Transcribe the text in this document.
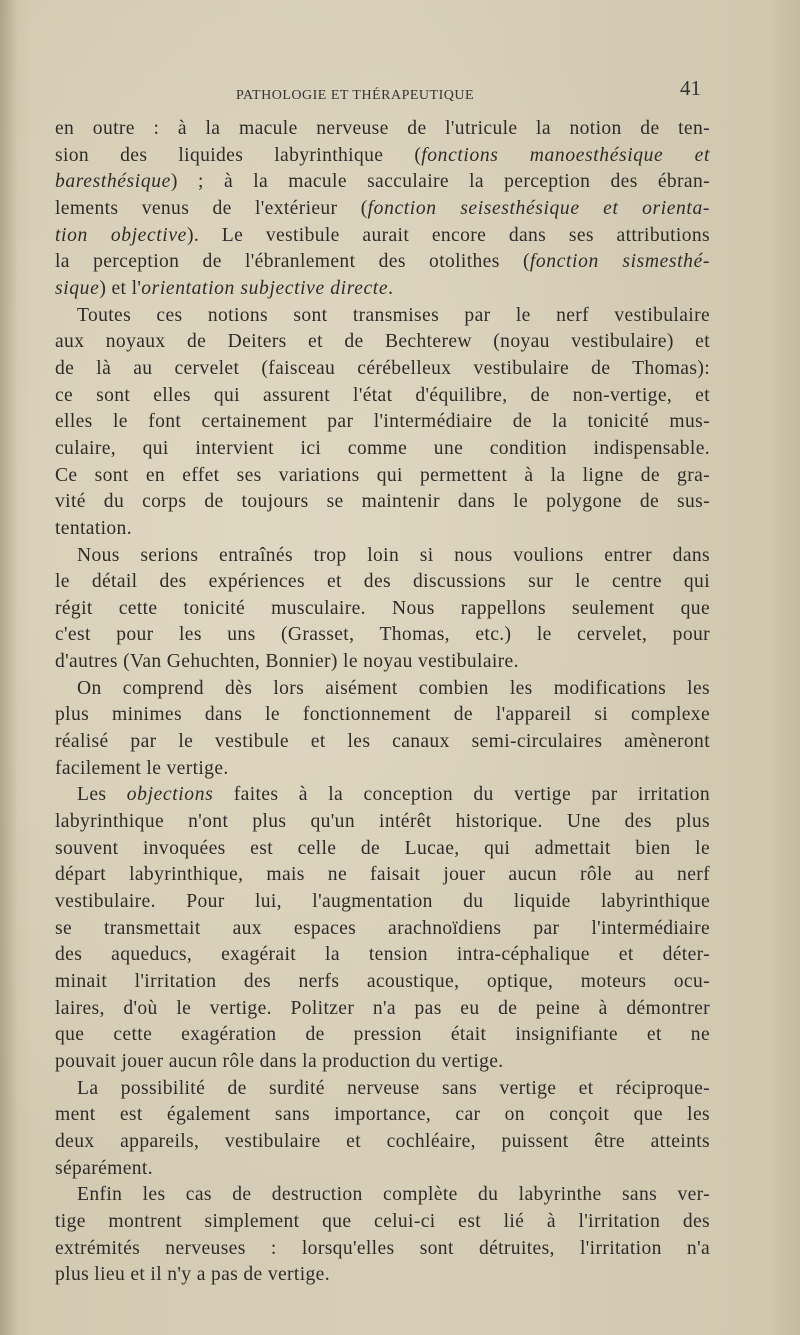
PATHOLOGIE ET THÉRAPEUTIQUE	41
en outre : à la macule nerveuse de l'utricule la notion de ten-
sion des liquides labyrinthique (fonctions manoesthésique et
baresthésique) ; à la macule sacculaire la perception des ébran-
lements venus de l'extérieur (fonction seisesthésique et orienta-
tion objective). Le vestibule aurait encore dans ses attributions
la perception de l'ébranlement des otolithes (fonction sismesthé-
sique) et l'orientation subjective directe.
Toutes ces notions sont transmises par le nerf vestibulaire
aux noyaux de Deiters et de Bechterew (noyau vestibulaire) et
de là au cervelet (faisceau cérébelleux vestibulaire de Thomas):
ce sont elles qui assurent l'état d'équilibre, de non-vertige, et
elles le font certainement par l'intermédiaire de la tonicité mus-
culaire, qui intervient ici comme une condition indispensable.
Ce sont en effet ses variations qui permettent à la ligne de gra-
vité du corps de toujours se maintenir dans le polygone de sus-
tentation.
Nous serions entraînés trop loin si nous voulions entrer dans
le détail des expériences et des discussions sur le centre qui
régit cette tonicité musculaire. Nous rappellons seulement que
c'est pour les uns (Grasset, Thomas, etc.) le cervelet, pour
d'autres (Van Gehuchten, Bonnier) le noyau vestibulaire.
On comprend dès lors aisément combien les modifications les
plus minimes dans le fonctionnement de l'appareil si complexe
réalisé par le vestibule et les canaux semi-circulaires amèneront
facilement le vertige.
Les objections faites à la conception du vertige par irritation
labyrinthique n'ont plus qu'un intérêt historique. Une des plus
souvent invoquées est celle de Lucae, qui admettait bien le
départ labyrinthique, mais ne faisait jouer aucun rôle au nerf
vestibulaire. Pour lui, l'augmentation du liquide labyrinthique
se transmettait aux espaces arachnoïdiens par l'intermédiaire
des aqueducs, exagérait la tension intra-céphalique et déter-
minait l'irritation des nerfs acoustique, optique, moteurs ocu-
laires, d'où le vertige. Politzer n'a pas eu de peine à démontrer
que cette exagération de pression était insignifiante et ne
pouvait jouer aucun rôle dans la production du vertige.
La possibilité de surdité nerveuse sans vertige et réciproque-
ment est également sans importance, car on conçoit que les
deux appareils, vestibulaire et cochléaire, puissent être atteints
séparément.
Enfin les cas de destruction complète du labyrinthe sans ver-
tige montrent simplement que celui-ci est lié à l'irritation des
extrémités nerveuses : lorsqu'elles sont détruites, l'irritation n'a
plus lieu et il n'y a pas de vertige.
